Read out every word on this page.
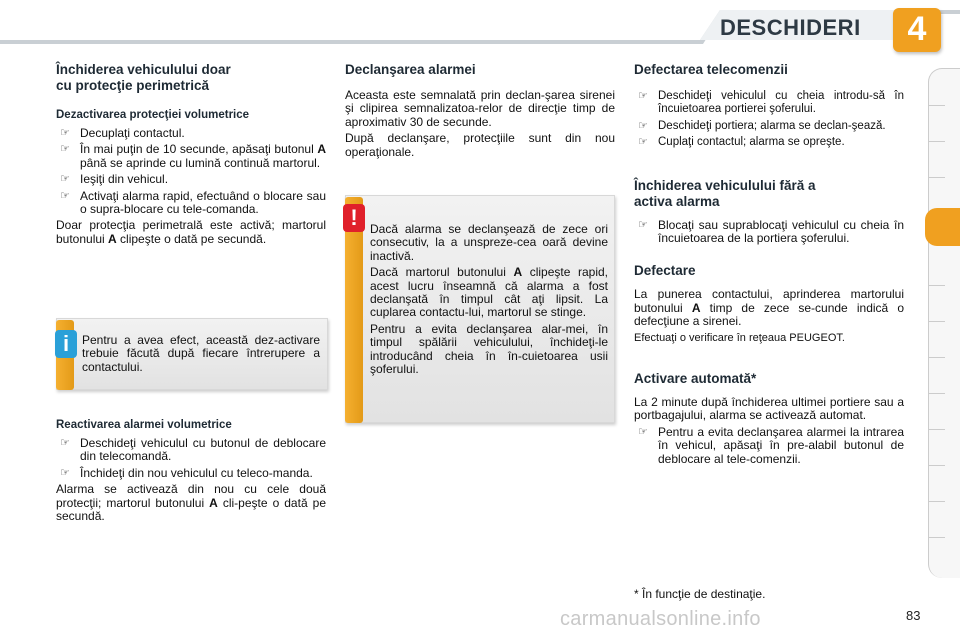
DESCHIDERI	4
Închiderea vehiculului doar
cu protecţie perimetrică
Dezactivarea protecţiei volumetrice
☞ Decuplaţi contactul.
☞ În mai puţin de 10 secunde, apăsaţi butonul A până se aprinde cu lumină continuă martorul.
☞ Ieşiţi din vehicul.
☞ Activaţi alarma rapid, efectuând o blocare sau o supra-blocare cu tele-comanda.
Doar protecţia perimetrală este activă; martorul butonului A clipeşte o dată pe secundă.
i	Pentru a avea efect, această dez-activare trebuie făcută după fiecare întrerupere a contactului.
Reactivarea alarmei volumetrice
☞ Deschideţi vehiculul cu butonul de deblocare din telecomandă.
☞ Închideţi din nou vehiculul cu teleco-manda.
Alarma se activează din nou cu cele două protecţii; martorul butonului A cli-peşte o dată pe secundă.
Declanşarea alarmei
Aceasta este semnalată prin declan-şarea sirenei şi clipirea semnalizatoa-relor de direcţie timp de aproximativ 30 de secunde.
După declanşare, protecţiile sunt din nou operaţionale.
!	Dacă alarma se declanşează de zece ori consecutiv, la a unspreze-cea oară devine inactivă.
Dacă martorul butonului A clipeşte rapid, acest lucru înseamnă că alarma a fost declanşată în timpul cât aţi lipsit. La cuplarea contactu-lui, martorul se stinge.
Pentru a evita declanşarea alar-mei, în timpul spălării vehiculului, închideţi-le introducând cheia în în-cuietoarea usii şoferului.
Defectarea telecomenzii
☞ Deschideţi vehiculul cu cheia introdu-să în încuietoarea portierei şoferului.
☞ Deschideţi portiera; alarma se declan-şează.
☞ Cuplaţi contactul; alarma se opreşte.
Închiderea vehiculului fără a
activa alarma
☞ Blocaţi sau suprablocaţi vehiculul cu cheia în încuietoarea de la portiera şoferului.
Defectare
La punerea contactului, aprinderea martorului butonului A timp de zece se-cunde indică o defecţiune a sirenei.
Efectuaţi o verificare în reţeaua PEUGEOT.
Activare automată*
La 2 minute după închiderea ultimei portiere sau a portbagajului, alarma se activează automat.
☞ Pentru a evita declanşarea alarmei la intrarea în vehicul, apăsaţi în pre-alabil butonul de deblocare al tele-comenzii.
* În funcţie de destinaţie.
carmanualsonline.info	83
